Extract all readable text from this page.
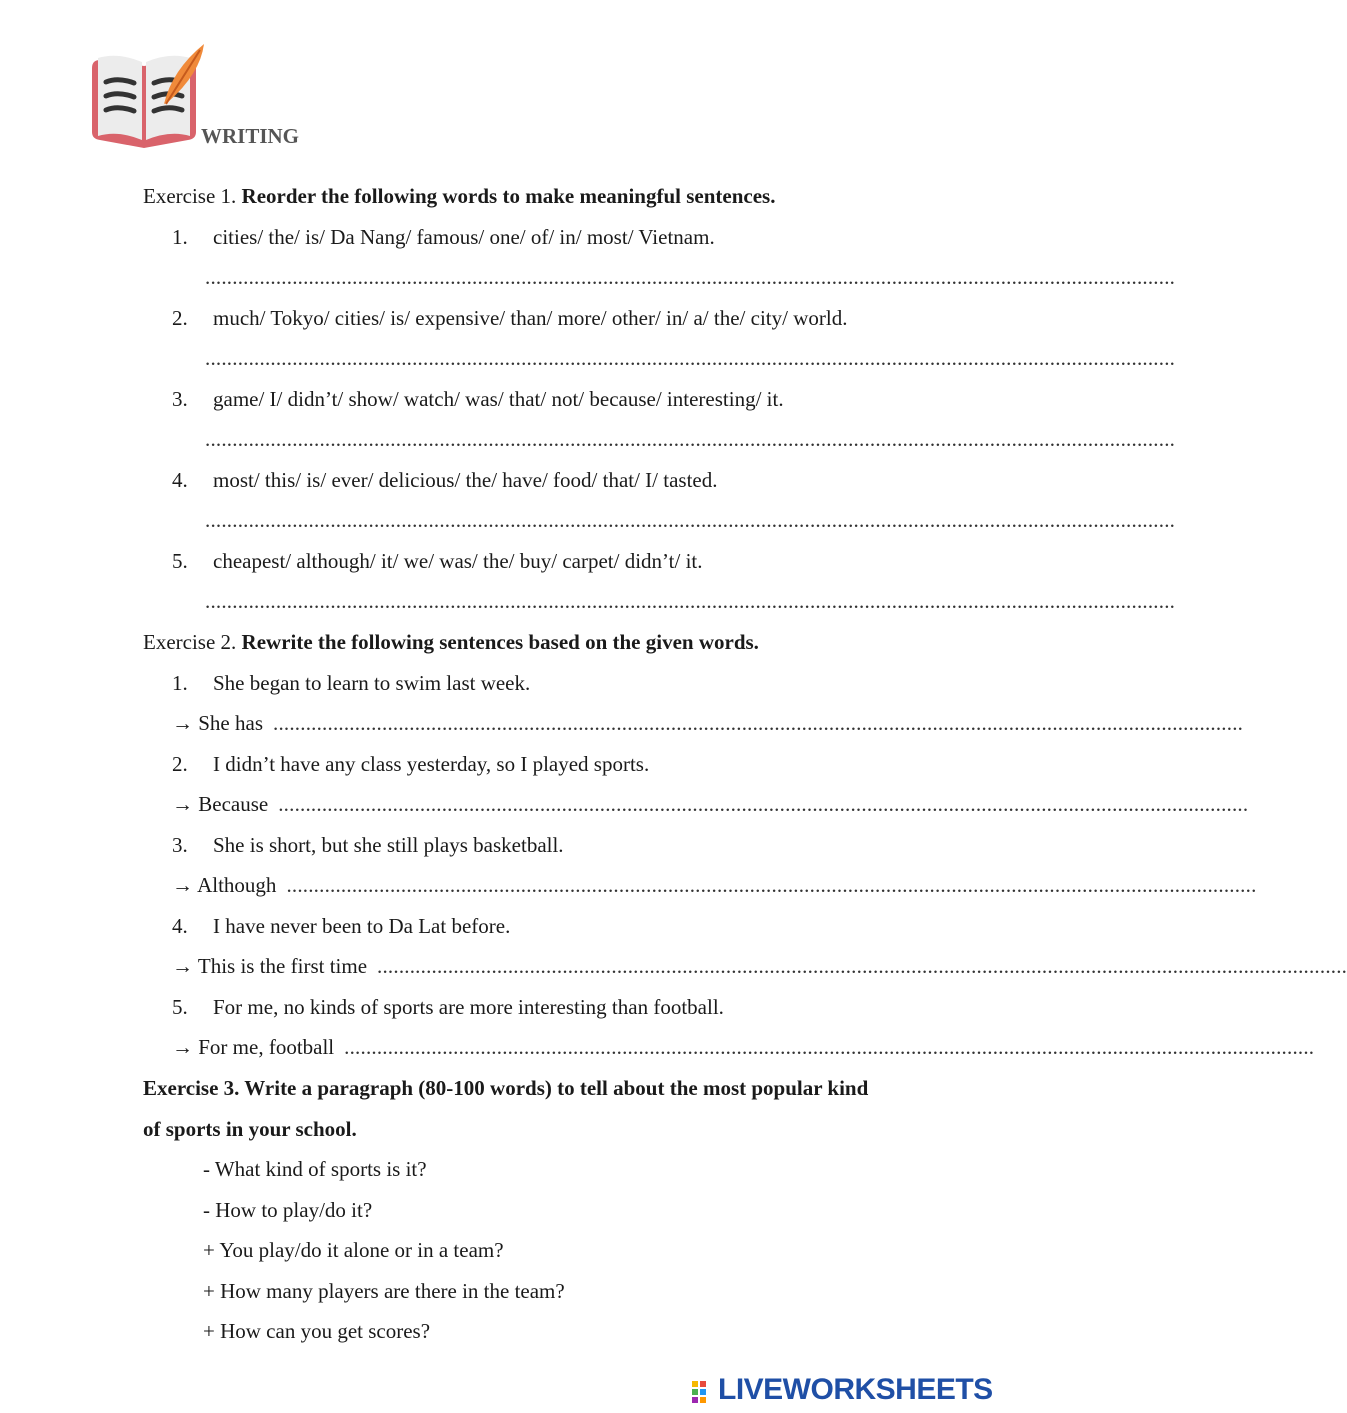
WRITING
Exercise 1. Reorder the following words to make meaningful sentences.
1.	cities/ the/ is/ Da Nang/ famous/ one/ of/ in/ most/ Vietnam.
..................................................................................................................................................................................
2.	much/ Tokyo/ cities/ is/ expensive/ than/ more/ other/ in/ a/ the/ city/ world.
..................................................................................................................................................................................
3.	game/ I/ didn’t/ show/ watch/ was/ that/ not/ because/ interesting/ it.
..................................................................................................................................................................................
4.	most/ this/ is/ ever/ delicious/ the/ have/ food/ that/ I/ tasted.
..................................................................................................................................................................................
5.	cheapest/ although/ it/ we/ was/ the/ buy/ carpet/ didn’t/ it.
..................................................................................................................................................................................
Exercise 2. Rewrite the following sentences based on the given words.
1.	She began to learn to swim last week.
→ She has ..................................................................................................................................................................................
2.	I didn’t have any class yesterday, so I played sports.
→ Because ..................................................................................................................................................................................
3.	She is short, but she still plays basketball.
→ Although ..................................................................................................................................................................................
4.	I have never been to Da Lat before.
→ This is the first time ..................................................................................................................................................................................
5.	For me, no kinds of sports are more interesting than football.
→ For me, football ..................................................................................................................................................................................
Exercise 3. Write a paragraph (80-100 words) to tell about the most popular kind
of sports in your school.
- What kind of sports is it?
- How to play/do it?
+ You play/do it alone or in a team?
+ How many players are there in the team?
+ How can you get scores?
LIVEWORKSHEETS
